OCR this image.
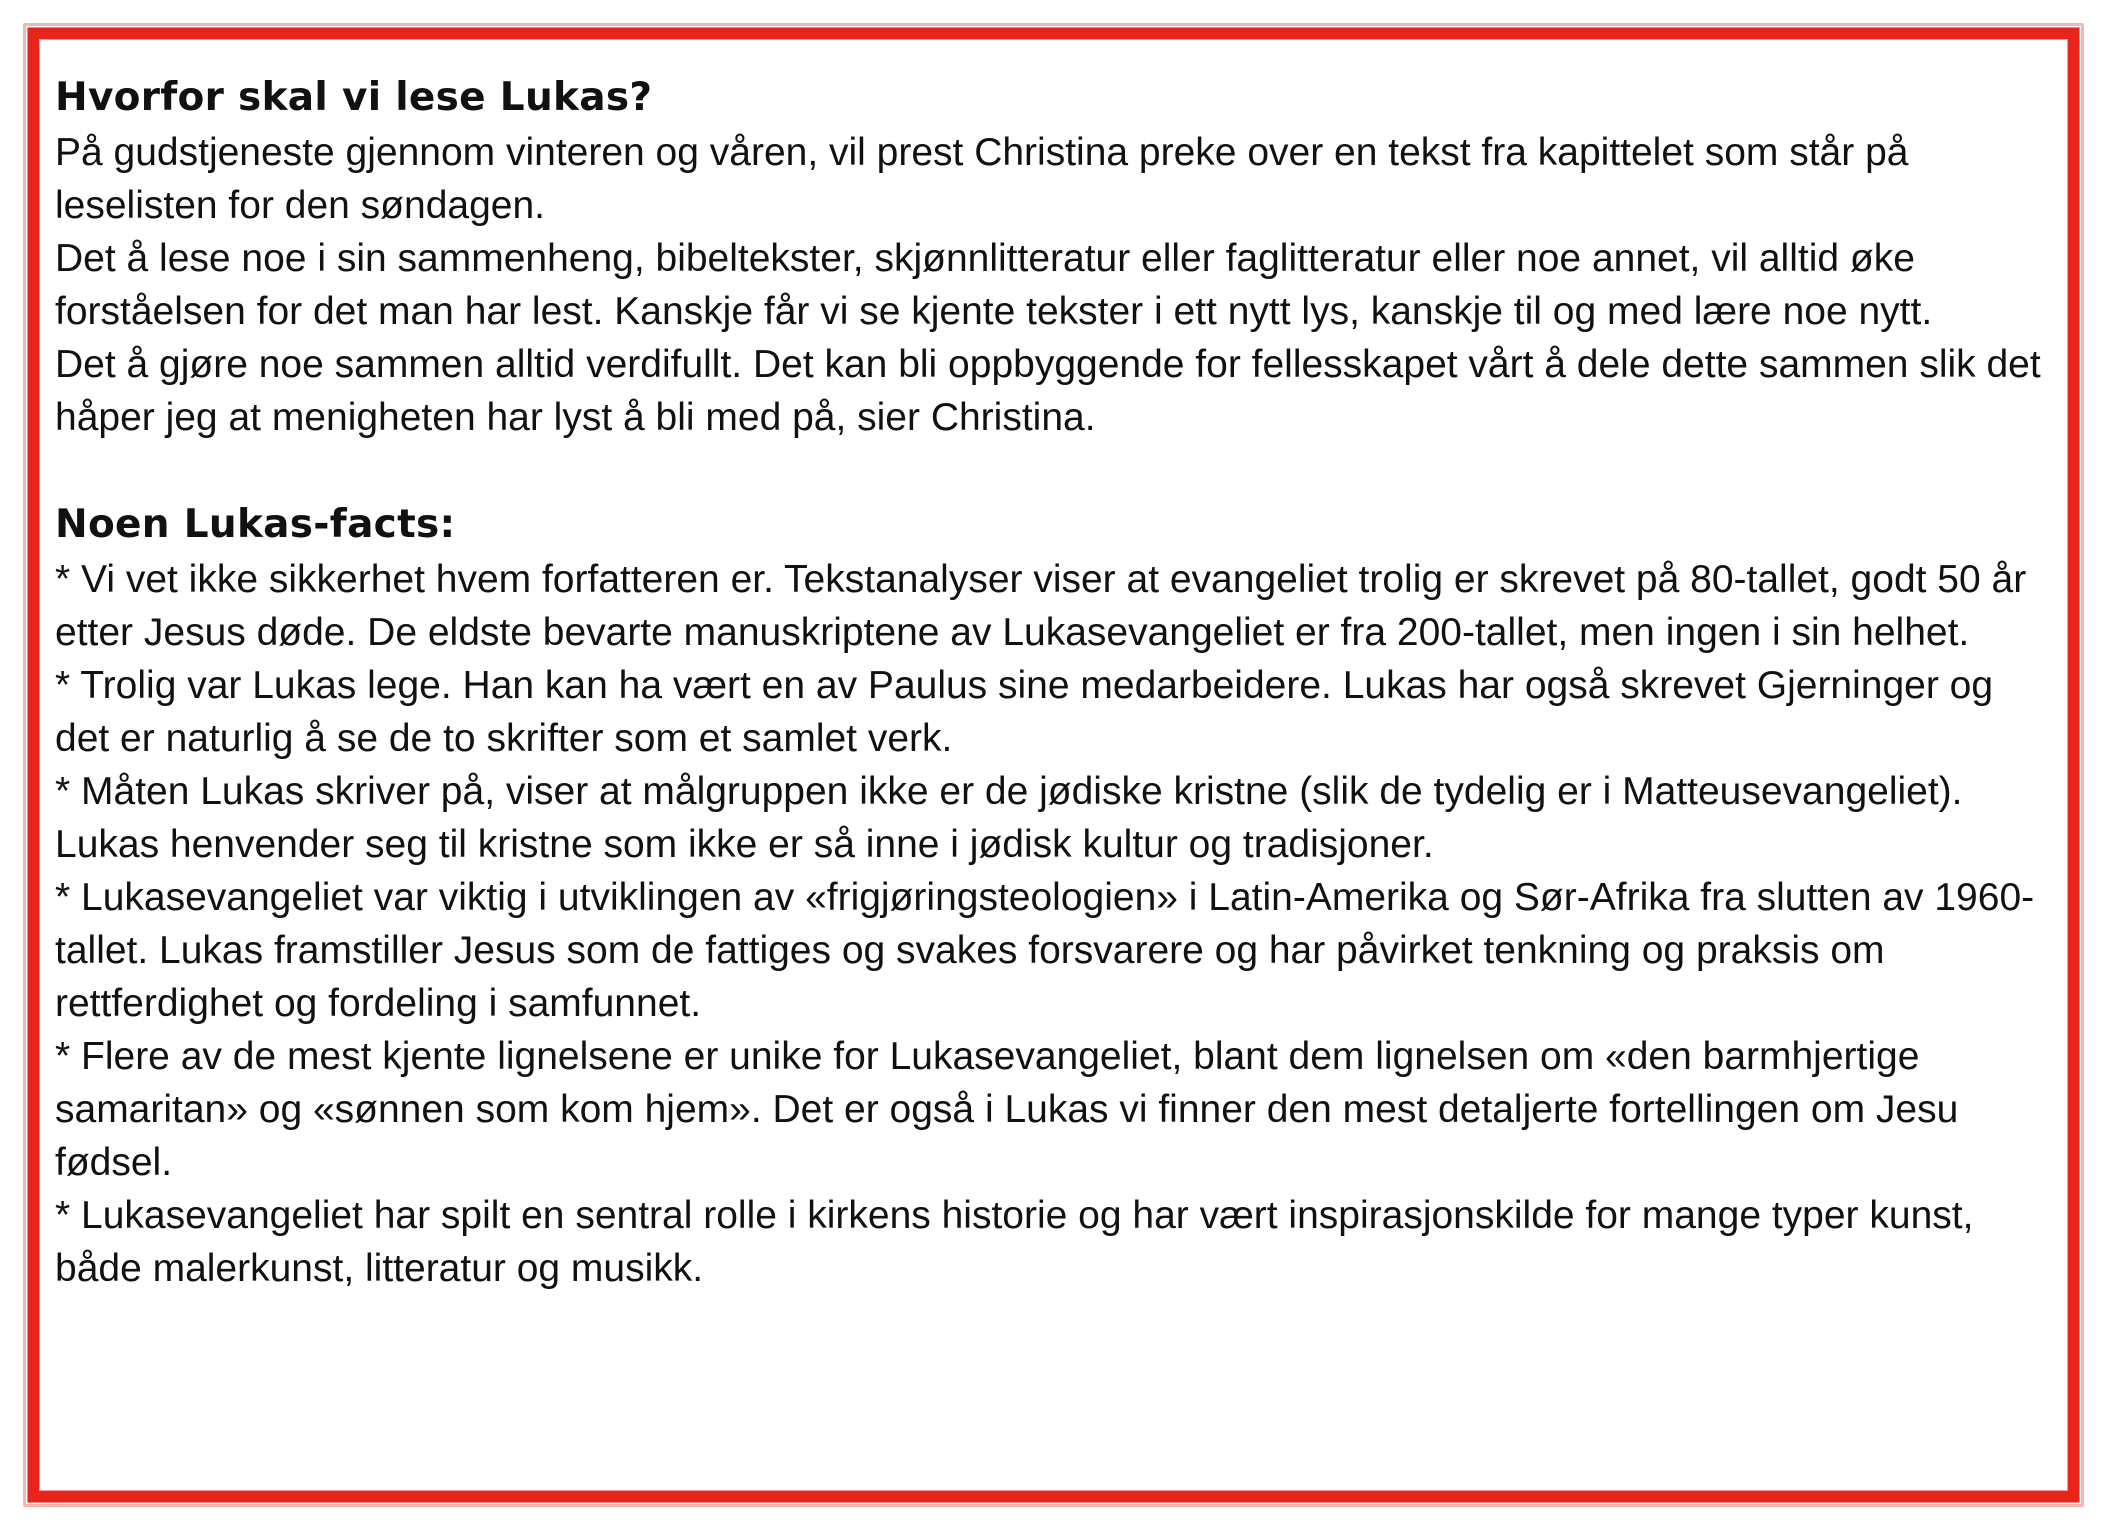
Hvorfor skal vi lese Lukas?

På gudstjeneste gjennom vinteren og våren, vil prest Christina preke over en tekst fra kapittelet som står på leselisten for den søndagen.

Det å lese noe i sin sammenheng, bibeltekster, skjønnlitteratur eller faglitteratur eller noe annet, vil alltid øke forståelsen for det man har lest. Kanskje får vi se kjente tekster i ett nytt lys, kanskje til og med lære noe nytt.

Det å gjøre noe sammen alltid verdifullt. Det kan bli oppbyggende for fellesskapet vårt å dele dette sammen slik det håper jeg at menigheten har lyst å bli med på, sier Christina.

Noen Lukas-facts:

* Vi vet ikke sikkerhet hvem forfatteren er. Tekstanalyser viser at evangeliet trolig er skrevet på 80-tallet, godt 50 år etter Jesus døde. De eldste bevarte manuskriptene av Lukasevangeliet er fra 200-tallet, men ingen i sin helhet.

* Trolig var Lukas lege. Han kan ha vært en av Paulus sine medarbeidere. Lukas har også skrevet Gjerninger og det er naturlig å se de to skrifter som et samlet verk.

* Måten Lukas skriver på, viser at målgruppen ikke er de jødiske kristne (slik de tydelig er i Matteusevangeliet). Lukas henvender seg til kristne som ikke er så inne i jødisk kultur og tradisjoner.

* Lukasevangeliet var viktig i utviklingen av «frigjøringsteologien» i Latin-Amerika og Sør-Afrika fra slutten av 1960-tallet. Lukas framstiller Jesus som de fattiges og svakes forsvarere og har påvirket tenkning og praksis om rettferdighet og fordeling i samfunnet.

* Flere av de mest kjente lignelsene er unike for Lukasevangeliet, blant dem lignelsen om «den barmhjertige samaritan» og «sønnen som kom hjem». Det er også i Lukas vi finner den mest detaljerte fortellingen om Jesu fødsel.

* Lukasevangeliet har spilt en sentral rolle i kirkens historie og har vært inspirasjonskilde for mange typer kunst, både malerkunst, litteratur og musikk.
